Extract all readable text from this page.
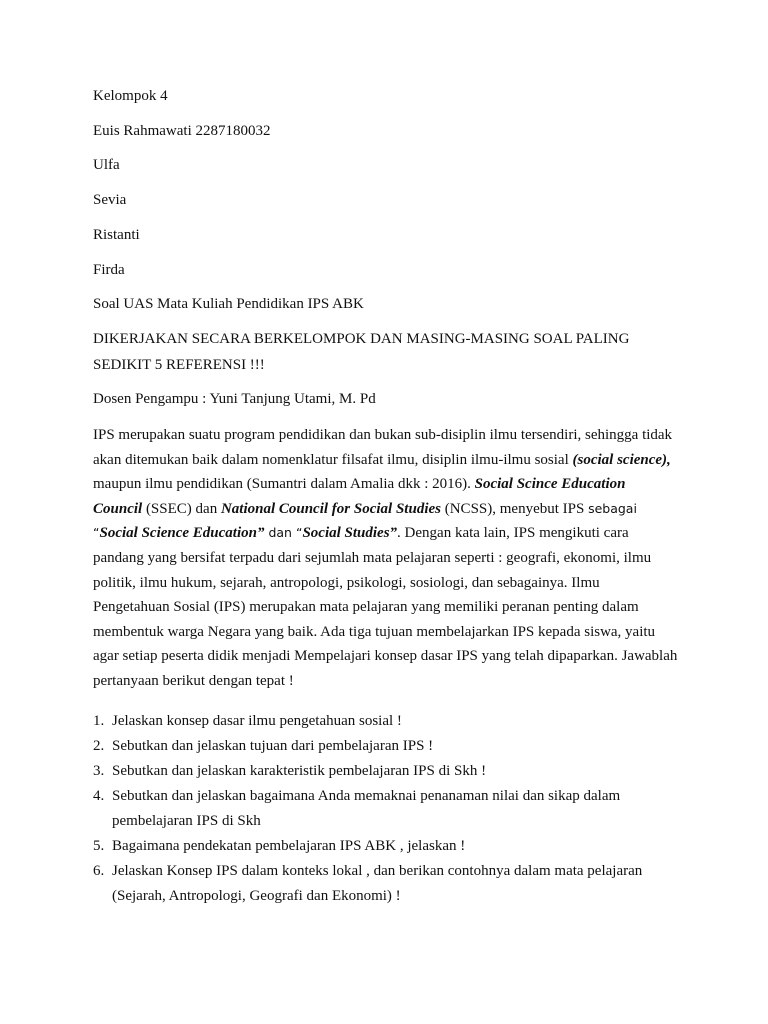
Kelompok 4
Euis Rahmawati 2287180032
Ulfa
Sevia
Ristanti
Firda
Soal UAS Mata Kuliah Pendidikan IPS ABK
DIKERJAKAN SECARA BERKELOMPOK DAN MASING-MASING SOAL PALING
SEDIKIT 5 REFERENSI !!!
Dosen Pengampu : Yuni Tanjung Utami, M. Pd
IPS merupakan suatu program pendidikan dan bukan sub-disiplin ilmu tersendiri, sehingga tidak akan ditemukan baik dalam nomenklatur filsafat ilmu, disiplin ilmu-ilmu sosial (social science), maupun ilmu pendidikan (Sumantri dalam Amalia dkk : 2016). Social Scince Education Council (SSEC) dan National Council for Social Studies (NCSS), menyebut IPS sebagai “Social Science Education” dan “Social Studies”. Dengan kata lain, IPS mengikuti cara pandang yang bersifat terpadu dari sejumlah mata pelajaran seperti : geografi, ekonomi, ilmu politik, ilmu hukum, sejarah, antropologi, psikologi, sosiologi, dan sebagainya. Ilmu Pengetahuan Sosial (IPS) merupakan mata pelajaran yang memiliki peranan penting dalam membentuk warga Negara yang baik. Ada tiga tujuan membelajarkan IPS kepada siswa, yaitu agar setiap peserta didik menjadi Mempelajari konsep dasar IPS yang telah dipaparkan. Jawablah pertanyaan berikut dengan tepat !
1. Jelaskan konsep dasar ilmu pengetahuan sosial !
2. Sebutkan dan jelaskan tujuan dari pembelajaran IPS !
3. Sebutkan dan jelaskan karakteristik pembelajaran IPS di Skh !
4. Sebutkan dan jelaskan bagaimana Anda memaknai penanaman nilai dan sikap dalam pembelajaran IPS di Skh
5. Bagaimana pendekatan pembelajaran IPS ABK , jelaskan !
6. Jelaskan Konsep IPS dalam konteks lokal , dan berikan contohnya dalam mata pelajaran (Sejarah, Antropologi, Geografi dan Ekonomi) !
